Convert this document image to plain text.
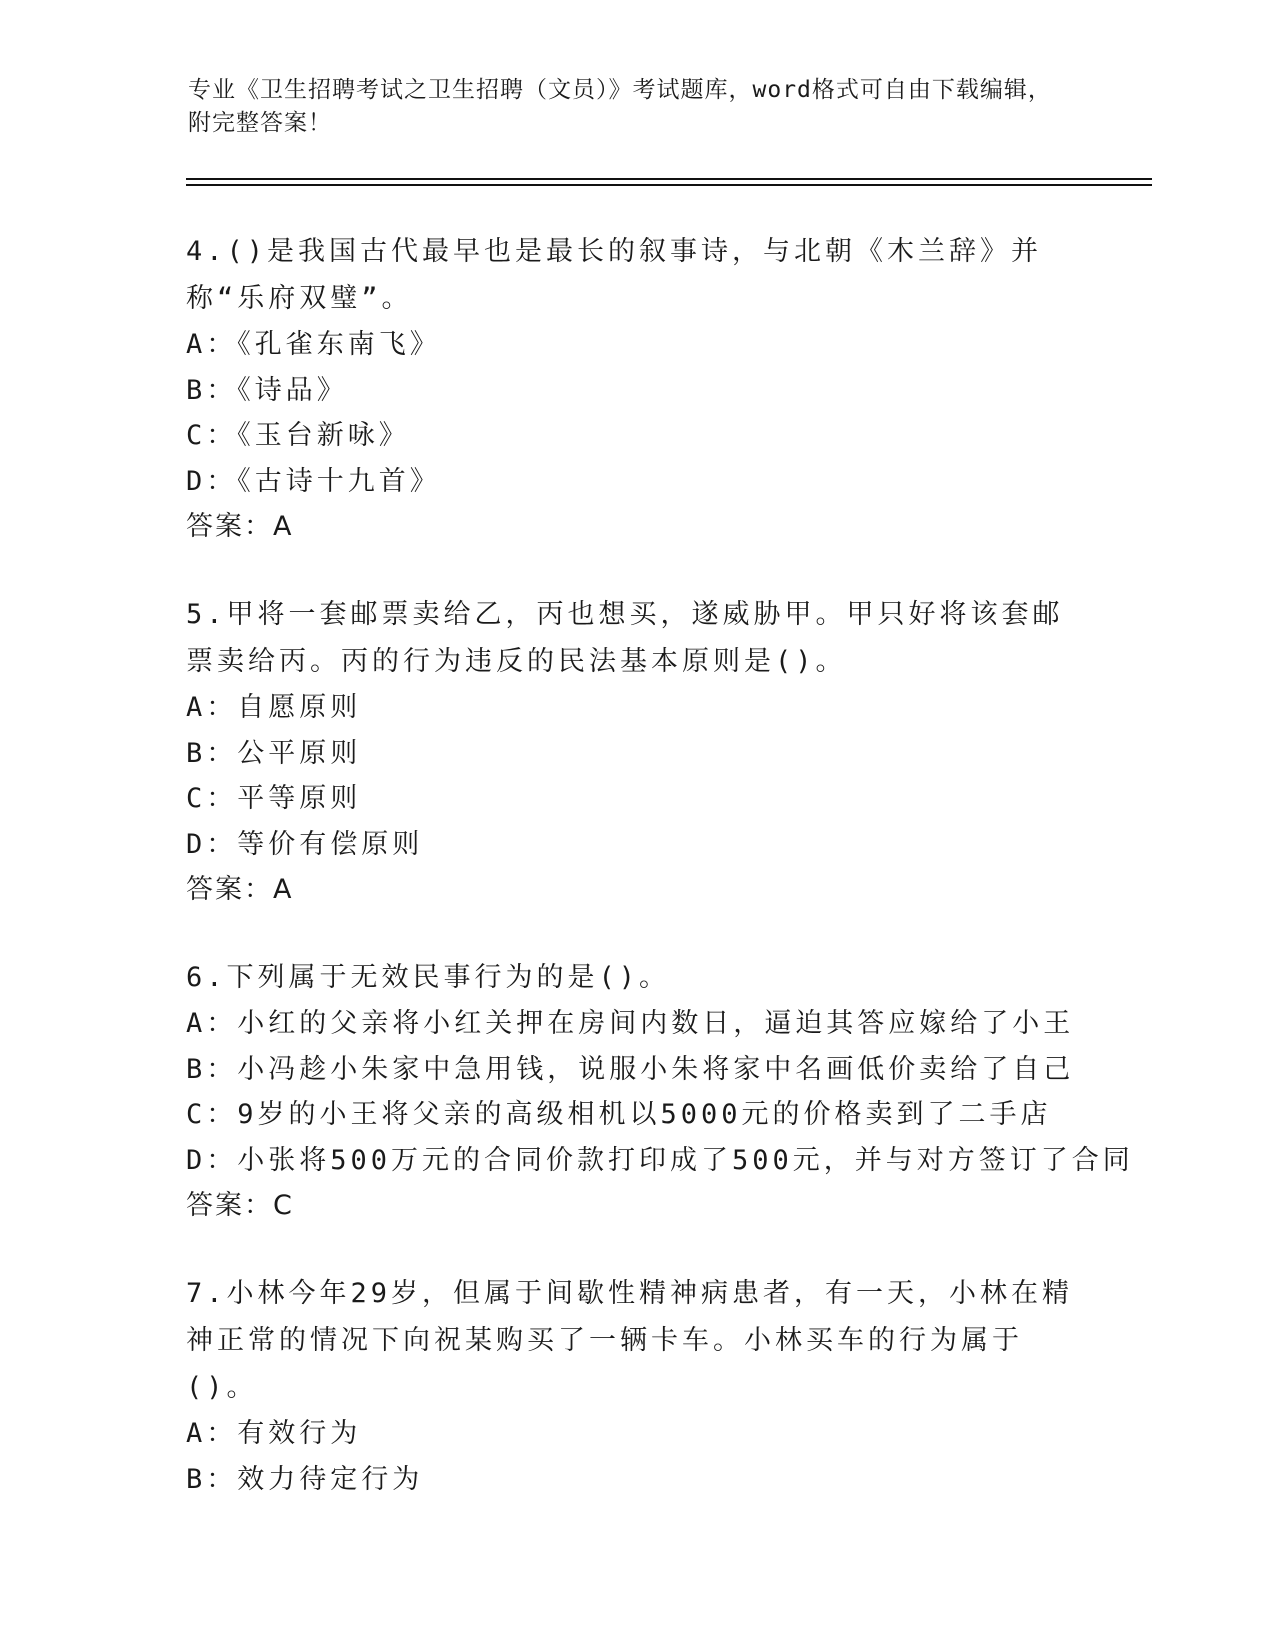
专业《卫生招聘考试之卫生招聘（文员）》考试题库，word格式可自由下载编辑，附完整答案！
4.()是我国古代最早也是最长的叙事诗，与北朝《木兰辞》并称“乐府双璧”。
A：《孔雀东南飞》
B：《诗品》
C：《玉台新咏》
D：《古诗十九首》
答案：A
5.甲将一套邮票卖给乙，丙也想买，遂威胁甲。甲只好将该套邮票卖给丙。丙的行为违反的民法基本原则是()。
A：自愿原则
B：公平原则
C：平等原则
D：等价有偿原则
答案：A
6.下列属于无效民事行为的是()。
A：小红的父亲将小红关押在房间内数日，逼迫其答应嫁给了小王
B：小冯趁小朱家中急用钱，说服小朱将家中名画低价卖给了自己
C：9岁的小王将父亲的高级相机以5000元的价格卖到了二手店
D：小张将500万元的合同价款打印成了500元，并与对方签订了合同
答案：C
7.小林今年29岁，但属于间歇性精神病患者，有一天，小林在精神正常的情况下向祝某购买了一辆卡车。小林买车的行为属于()。
A：有效行为
B：效力待定行为
